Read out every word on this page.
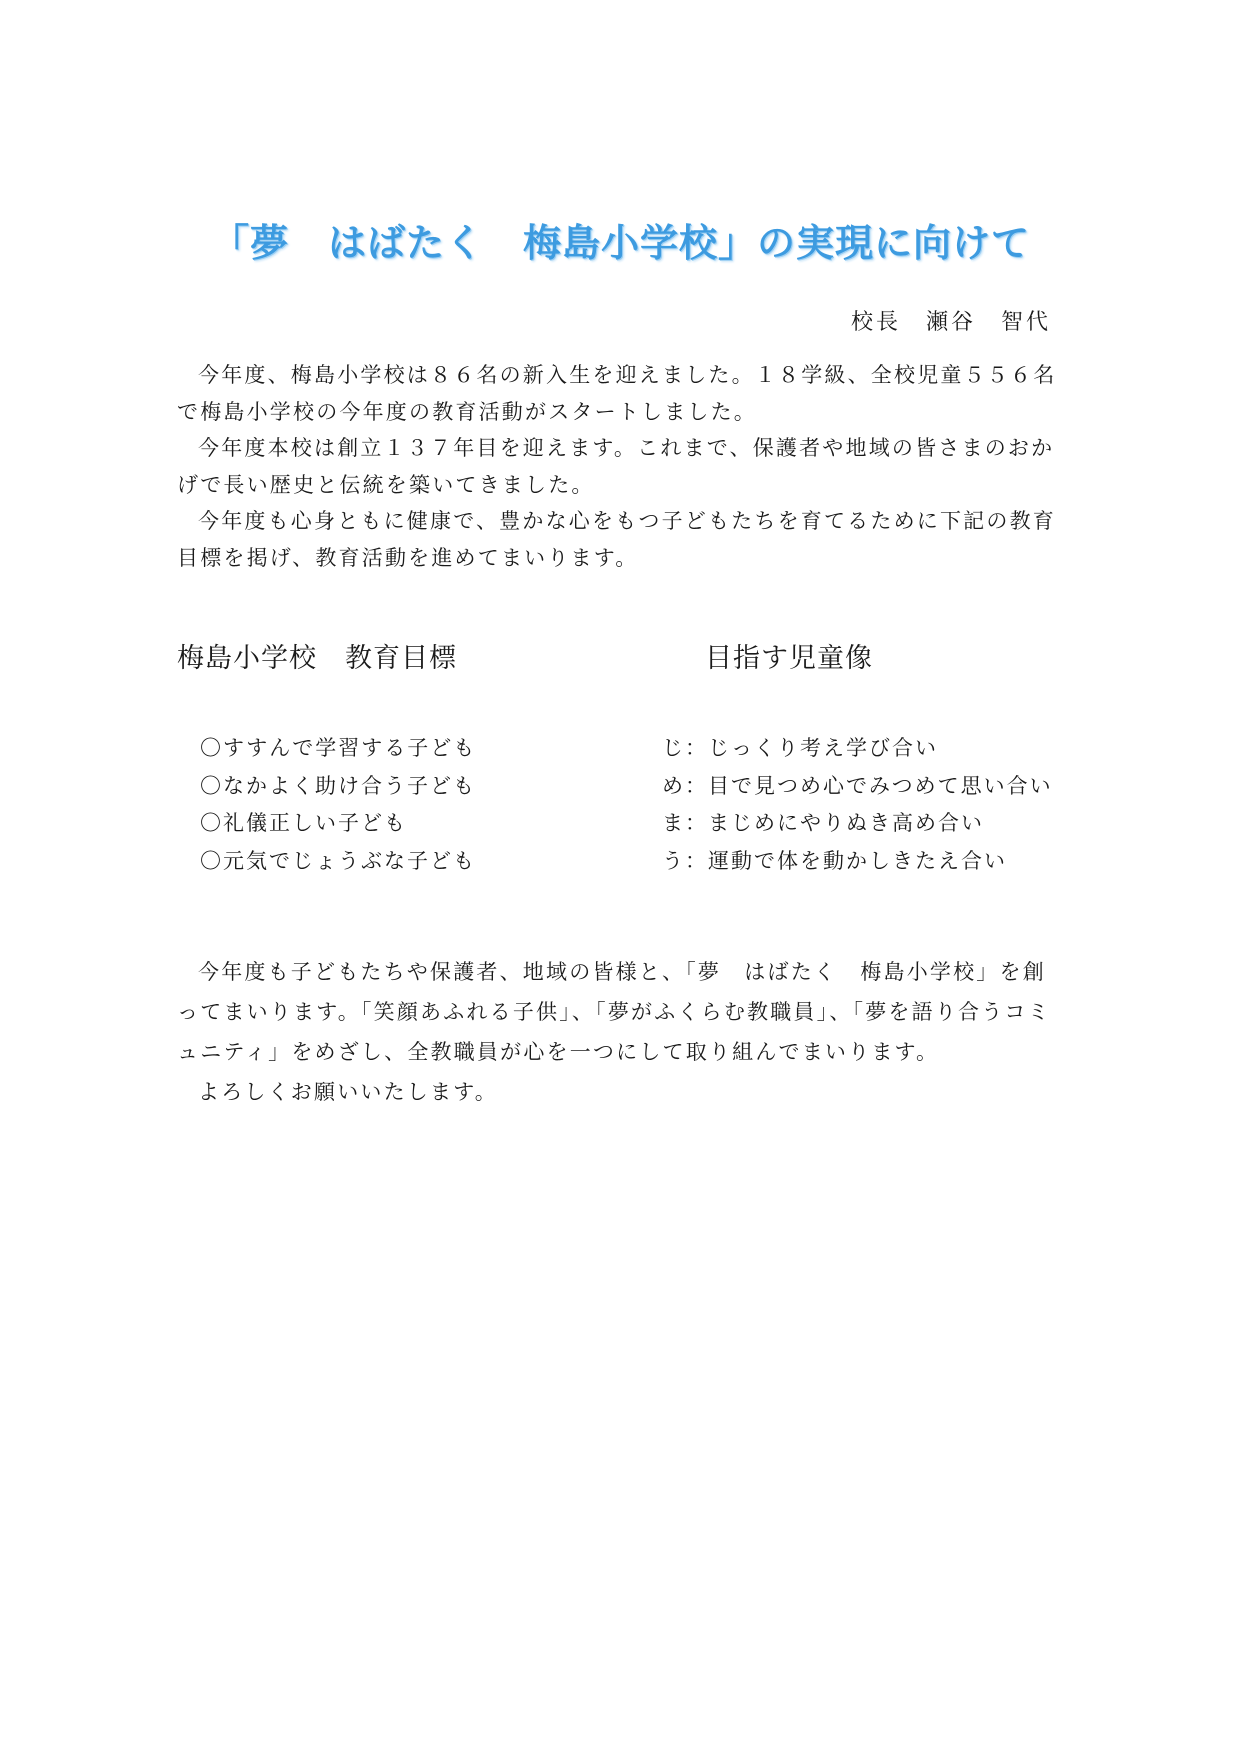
「夢　はばたく　梅島小学校」の実現に向けて
校長　瀬谷　智代

今年度、梅島小学校は８６名の新入生を迎えました。１８学級、全校児童５５６名で梅島小学校の今年度の教育活動がスタートしました。

今年度本校は創立１３７年目を迎えます。これまで、保護者や地域の皆さまのおかげで長い歴史と伝統を築いてきました。

今年度も心身ともに健康で、豊かな心をもつ子どもたちを育てるために下記の教育目標を掲げ、教育活動を進めてまいります。

梅島小学校　教育目標	目指す児童像
〇すすんで学習する子ども
〇なかよく助け合う子ども
〇礼儀正しい子ども
〇元気でじょうぶな子ども
じ：じっくり考え学び合い
め：目で見つめ心でみつめて思い合い
ま：まじめにやりぬき高め合い
う：運動で体を動かしきたえ合い

今年度も子どもたちや保護者、地域の皆様と、「夢　はばたく　梅島小学校」を創ってまいります。「笑顔あふれる子供」、「夢がふくらむ教職員」、「夢を語り合うコミュニティ」をめざし、全教職員が心を一つにして取り組んでまいります。

よろしくお願いいたします。
